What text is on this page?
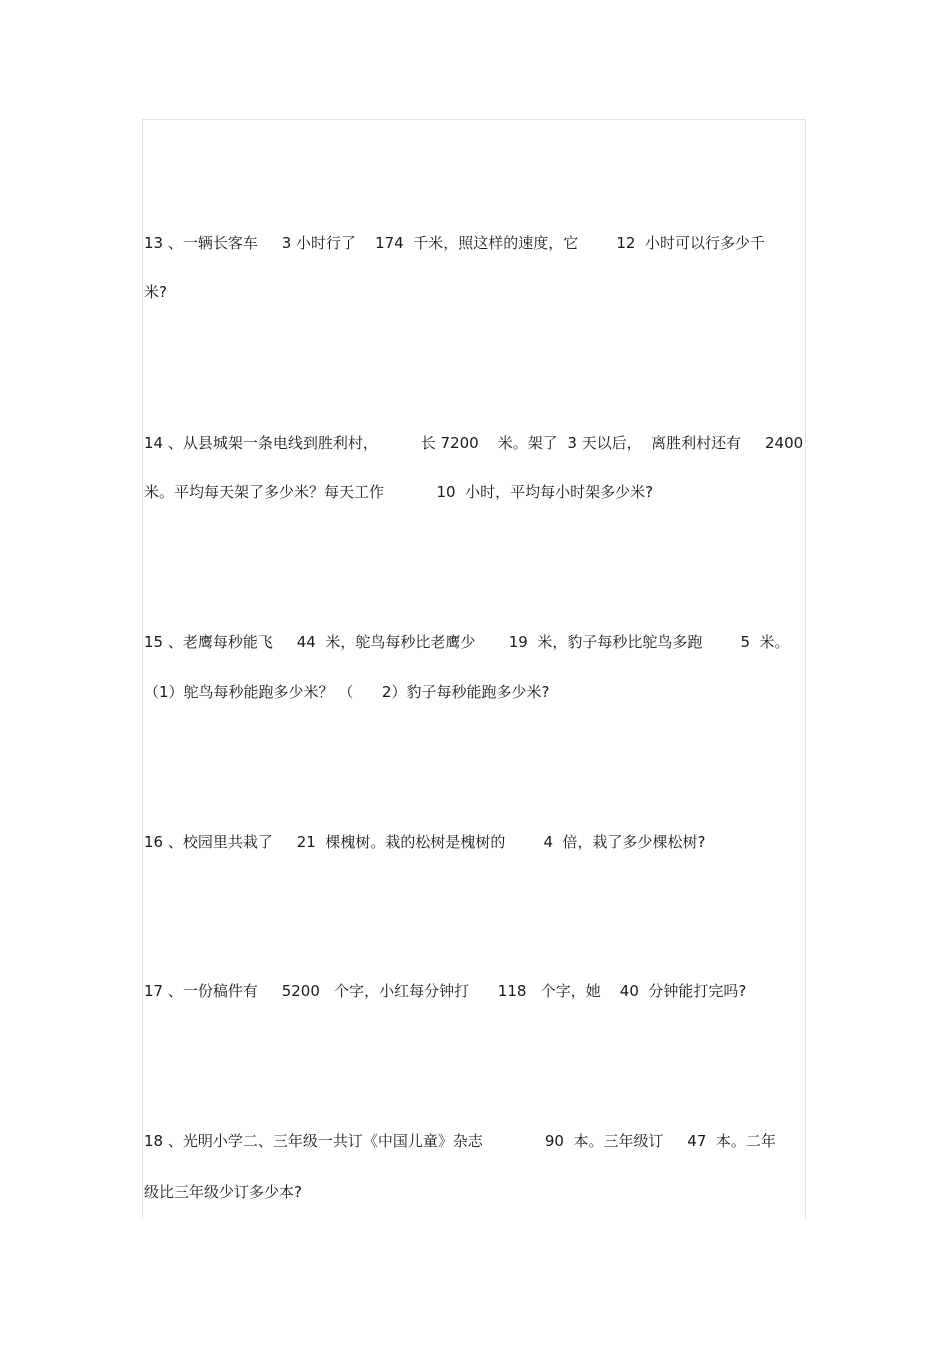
13 、一辆长客车     3 小时行了    174  千米，照这样的速度，它        12  小时可以行多少千
米?
14 、从县城架一条电线到胜利村，         长 7200    米。架了  3 天以后，  离胜利村还有     2400
米。平均每天架了多少米？每天工作           10  小时，平均每小时架多少米?
15 、老鹰每秒能飞     44  米，鸵鸟每秒比老鹰少       19  米，豹子每秒比鸵鸟多跑        5  米。
（1）鸵鸟每秒能跑多少米？ （      2）豹子每秒能跑多少米?
16 、校园里共栽了     21  棵槐树。栽的松树是槐树的        4  倍，栽了多少棵松树?
17 、一份稿件有     5200   个字，小红每分钟打      118   个字，她    40  分钟能打完吗?
18 、光明小学二、三年级一共订《中国儿童》杂志             90  本。三年级订     47  本。二年
级比三年级少订多少本?
